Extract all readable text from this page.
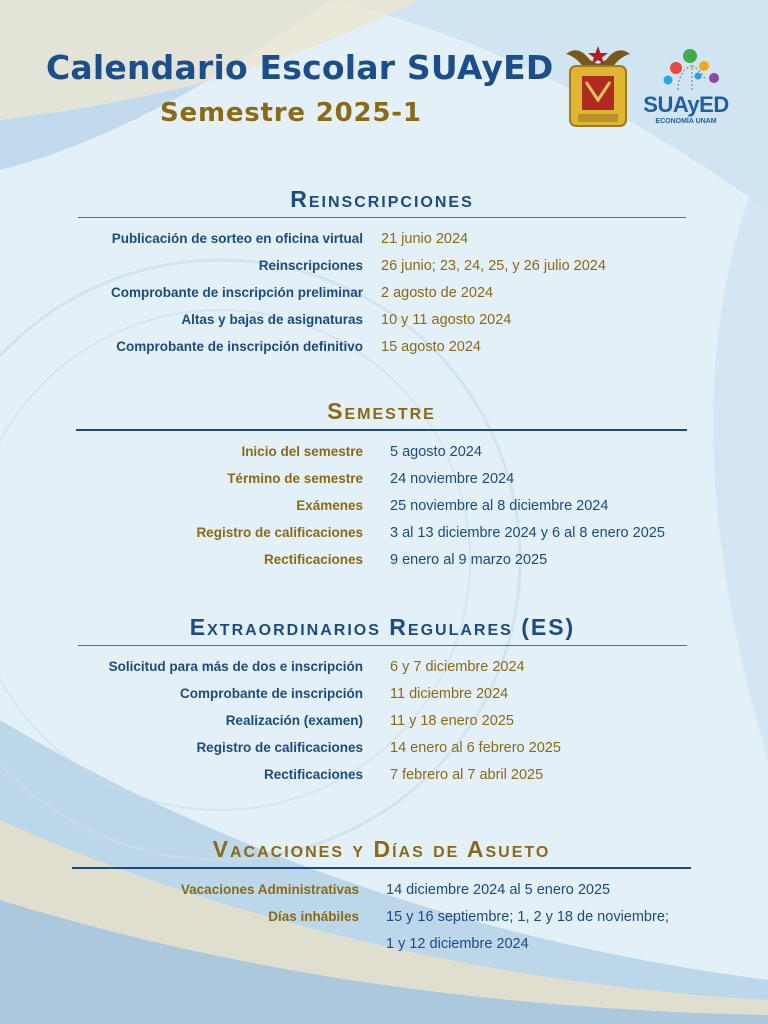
Calendario Escolar SUAyED
Semestre 2025-1	SUAyED
ECONOMÍA UNAM
Reinscripciones
Publicación de sorteo en oficina virtual	21 junio 2024
Reinscripciones	26 junio; 23, 24, 25, y 26 julio 2024
Comprobante de inscripción preliminar	2 agosto de 2024
Altas y bajas de asignaturas	10 y 11 agosto 2024
Comprobante de inscripción definitivo	15 agosto 2024
Semestre
Inicio del semestre	5 agosto 2024
Término de semestre	24 noviembre 2024
Exámenes	25 noviembre al 8 diciembre 2024
Registro de calificaciones	3 al 13 diciembre 2024 y 6 al 8 enero 2025
Rectificaciones	9 enero al 9 marzo 2025
Extraordinarios Regulares (ES)
Solicitud para más de dos e inscripción	6 y 7 diciembre 2024
Comprobante de inscripción	11 diciembre 2024
Realización (examen)	11 y 18 enero 2025
Registro de calificaciones	14 enero al 6 febrero 2025
Rectificaciones	7 febrero al 7 abril 2025
Vacaciones y Días de Asueto
Vacaciones Administrativas	14 diciembre 2024 al 5 enero 2025
Días inhábiles	15 y 16 septiembre; 1, 2 y 18 de noviembre;
1 y 12 diciembre 2024
